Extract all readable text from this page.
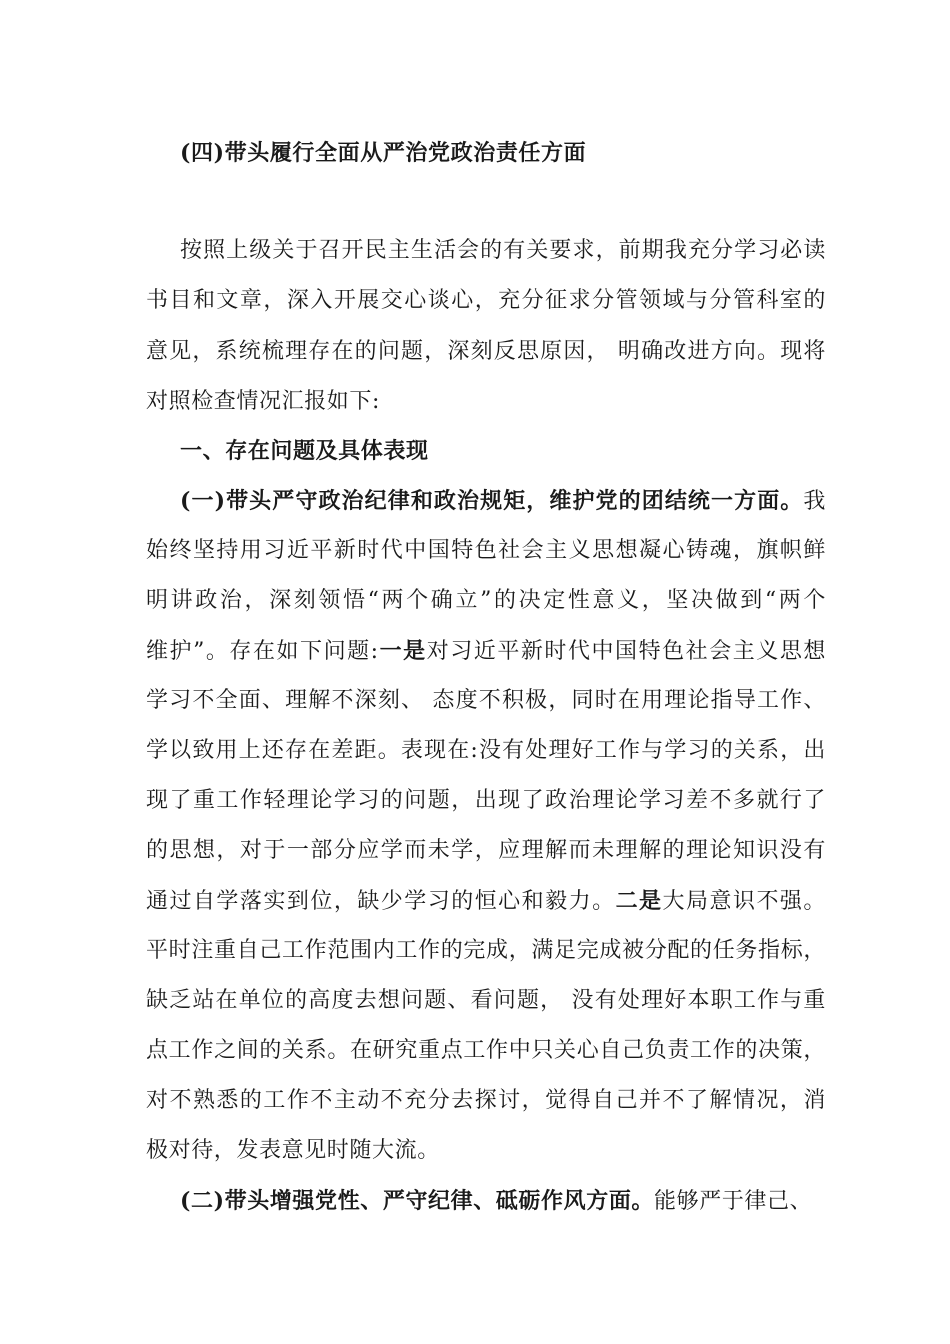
(四)带头履行全面从严治党政治责任方面
按照上级关于召开民主生活会的有关要求，前期我充分学习必读
书目和文章，深入开展交心谈心，充分征求分管领域与分管科室的
意见，系统梳理存在的问题，深刻反思原因， 明确改进方向。现将
对照检查情况汇报如下:
一、存在问题及具体表现
(一)带头严守政治纪律和政治规矩，维护党的团结统一方面。我
始终坚持用习近平新时代中国特色社会主义思想凝心铸魂，旗帜鲜
明讲政治，深刻领悟“两个确立”的决定性意义，坚决做到“两个
维护”。存在如下问题:一是对习近平新时代中国特色社会主义思想
学习不全面、理解不深刻、 态度不积极，同时在用理论指导工作、
学以致用上还存在差距。表现在:没有处理好工作与学习的关系，出
现了重工作轻理论学习的问题，出现了政治理论学习差不多就行了
的思想，对于一部分应学而未学，应理解而未理解的理论知识没有
通过自学落实到位，缺少学习的恒心和毅力。二是大局意识不强。
平时注重自己工作范围内工作的完成，满足完成被分配的任务指标，
缺乏站在单位的高度去想问题、看问题， 没有处理好本职工作与重
点工作之间的关系。在研究重点工作中只关心自己负责工作的决策，
对不熟悉的工作不主动不充分去探讨，觉得自己并不了解情况，消
极对待，发表意见时随大流。
(二)带头增强党性、严守纪律、砥砺作风方面。能够严于律己、
